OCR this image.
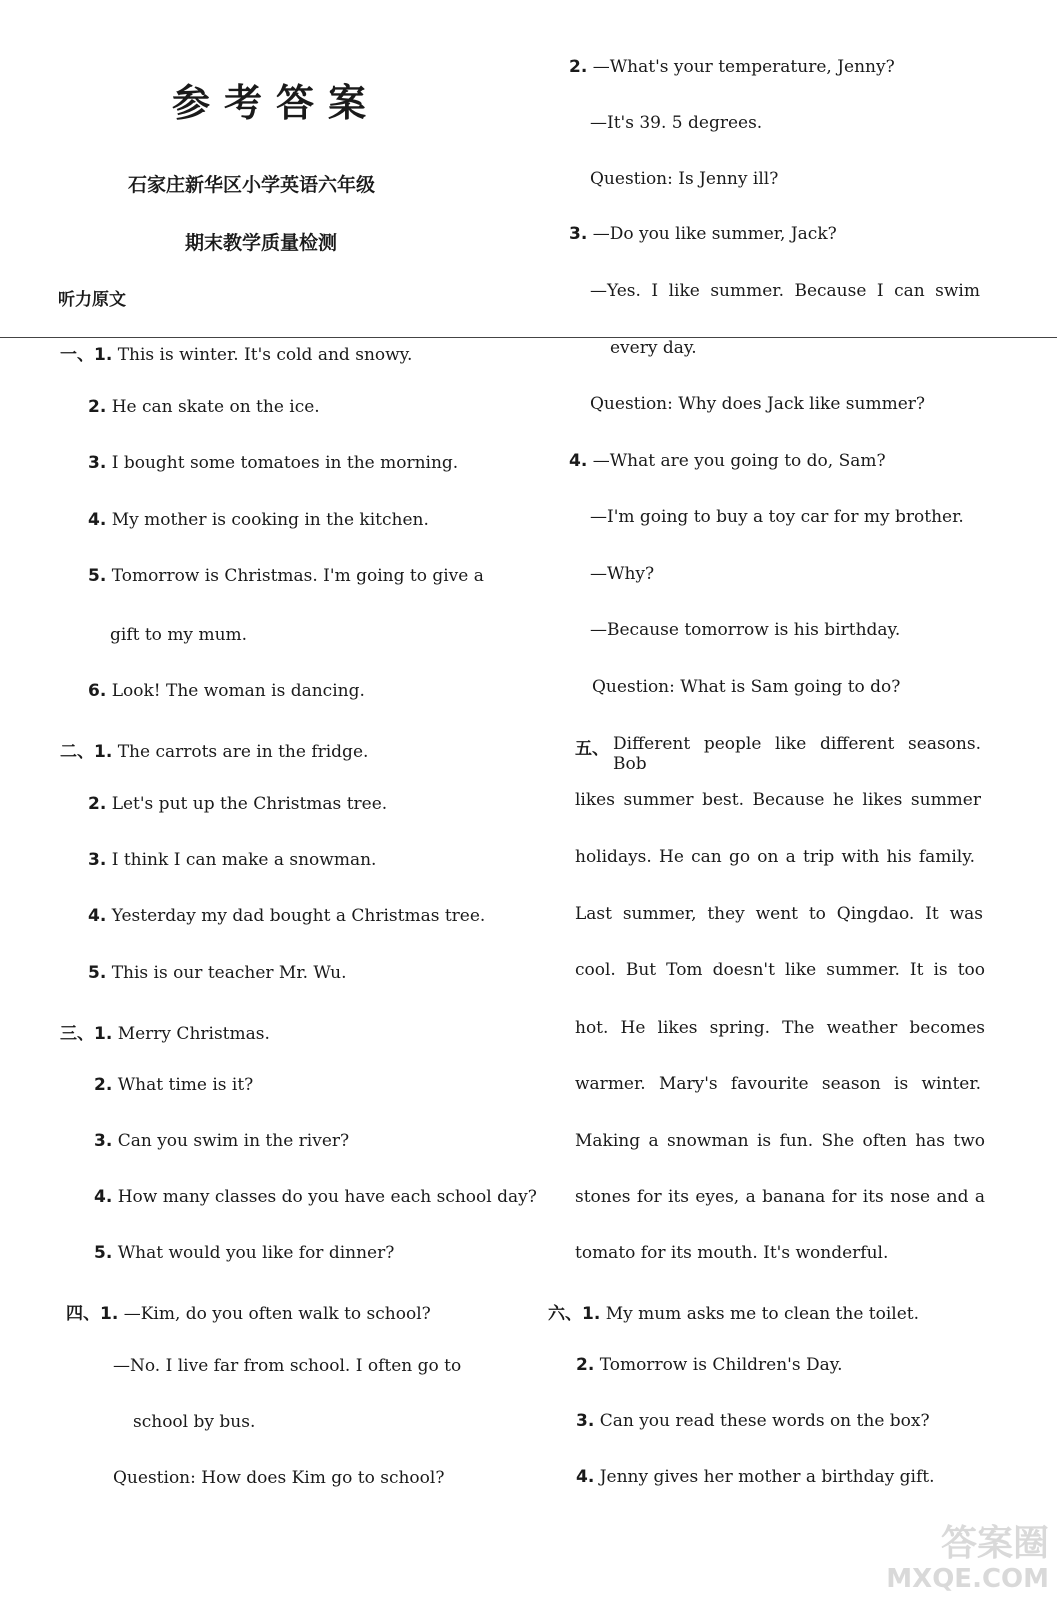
参考答案
石家庄新华区小学英语六年级
期末教学质量检测
听力原文
一、1. This is winter. It's cold and snowy.
2. He can skate on the ice.
3. I bought some tomatoes in the morning.
4. My mother is cooking in the kitchen.
5. Tomorrow is Christmas. I'm going to give a
gift to my mum.
6. Look! The woman is dancing.
二、1. The carrots are in the fridge.
2. Let's put up the Christmas tree.
3. I think I can make a snowman.
4. Yesterday my dad bought a Christmas tree.
5. This is our teacher Mr. Wu.
三、1. Merry Christmas.
2. What time is it?
3. Can you swim in the river?
4. How many classes do you have each school day?
5. What would you like for dinner?
四、1. —Kim, do you often walk to school?
—No. I live far from school. I often go to
school by bus.
Question: How does Kim go to school?
2. —What's your temperature, Jenny?
—It's 39. 5 degrees.
Question: Is Jenny ill?
3. —Do you like summer, Jack?
—Yes. I like summer. Because I can swim
every day.
Question: Why does Jack like summer?
4. —What are you going to do, Sam?
—I'm going to buy a toy car for my brother.
—Why?
—Because tomorrow is his birthday.
Question: What is Sam going to do?
五、 Different people like different seasons. Bob
likes summer best. Because he likes summer
holidays. He can go on a trip with his family.
Last summer, they went to Qingdao. It was
cool. But Tom doesn't like summer. It is too
hot. He likes spring. The weather becomes
warmer. Mary's favourite season is winter.
Making a snowman is fun. She often has two
stones for its eyes, a banana for its nose and a
tomato for its mouth. It's wonderful.
六、1. My mum asks me to clean the toilet.
2. Tomorrow is Children's Day.
3. Can you read these words on the box?
4. Jenny gives her mother a birthday gift.
答案圈
MXQE.COM
